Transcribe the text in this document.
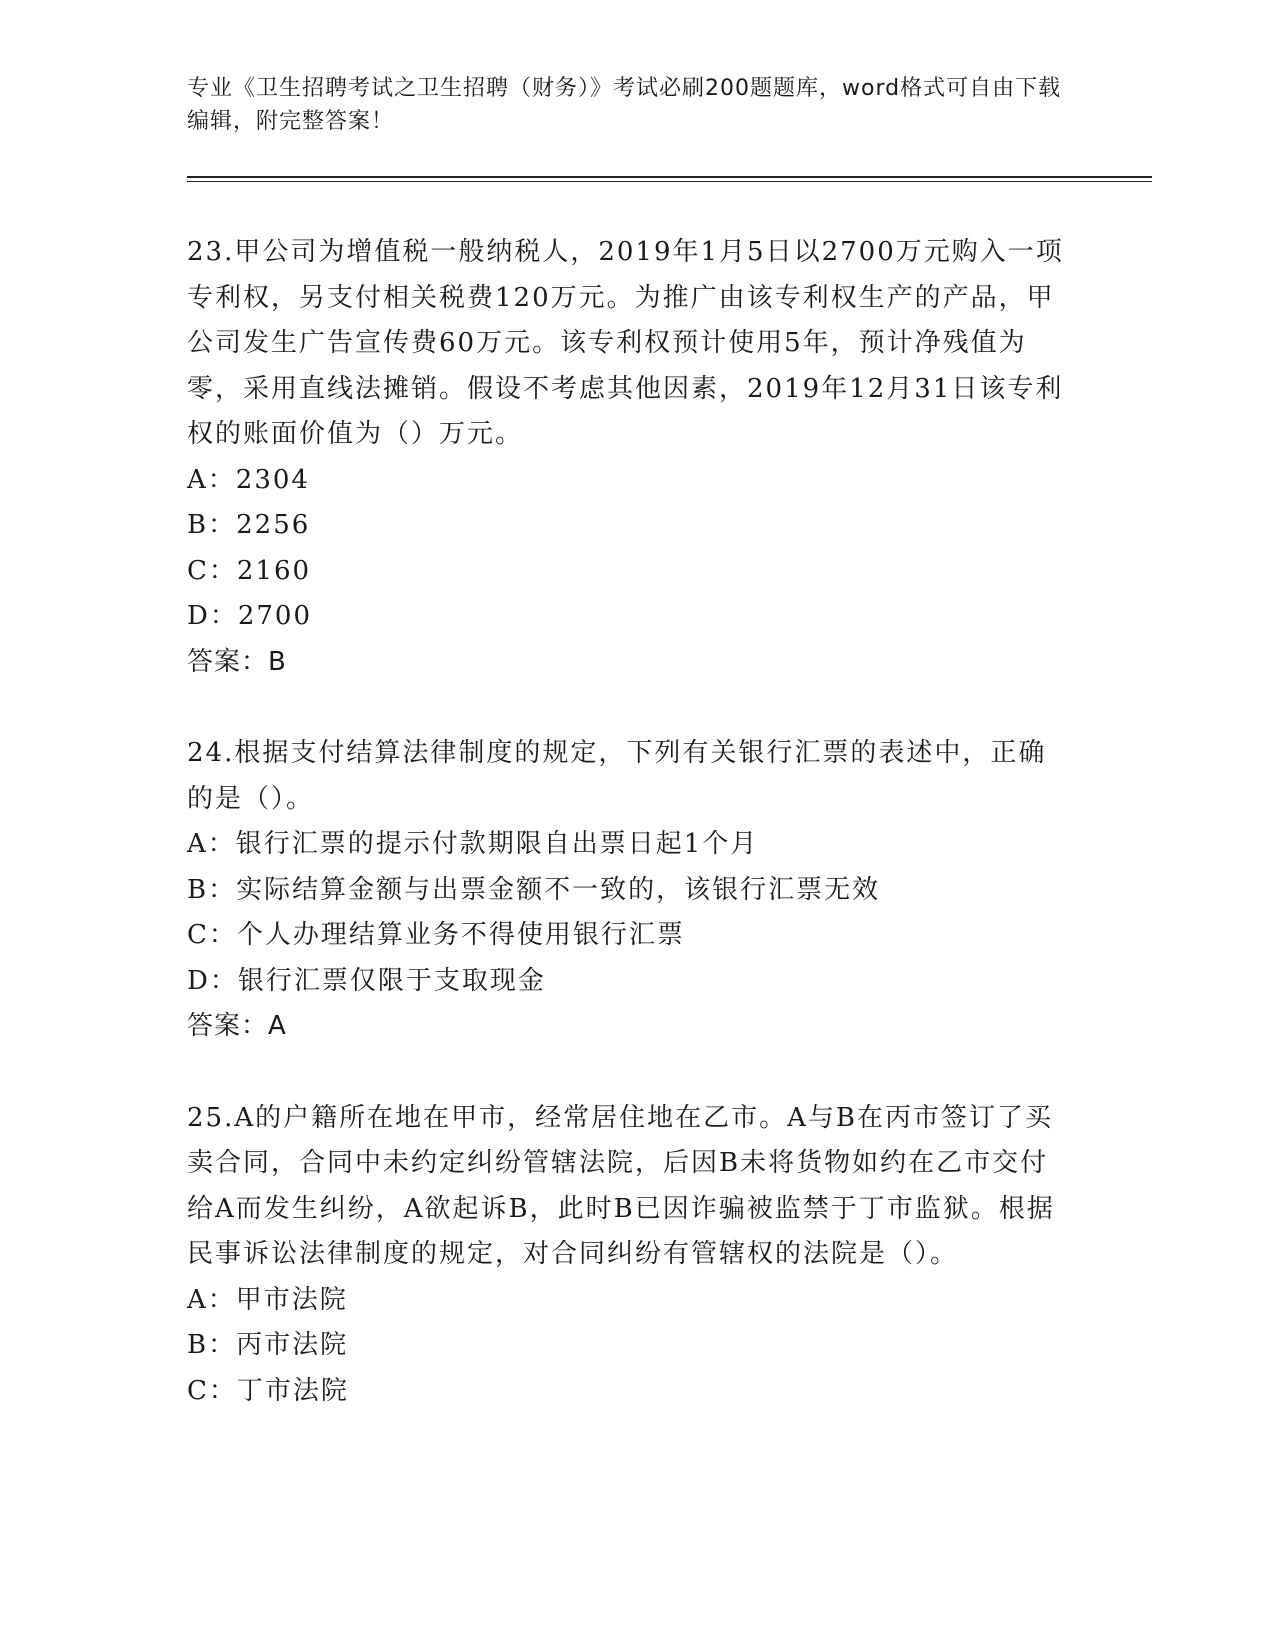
专业《卫生招聘考试之卫生招聘（财务）》考试必刷200题题库，word格式可自由下载编辑，附完整答案！

23.甲公司为增值税一般纳税人，2019年1月5日以2700万元购入一项专利权，另支付相关税费120万元。为推广由该专利权生产的产品，甲公司发生广告宣传费60万元。该专利权预计使用5年，预计净残值为零，采用直线法摊销。假设不考虑其他因素，2019年12月31日该专利权的账面价值为（）万元。

A：2304

B：2256

C：2160

D：2700

答案：B

24.根据支付结算法律制度的规定，下列有关银行汇票的表述中，正确的是（）。

A：银行汇票的提示付款期限自出票日起1个月

B：实际结算金额与出票金额不一致的，该银行汇票无效

C：个人办理结算业务不得使用银行汇票

D：银行汇票仅限于支取现金

答案：A

25.A的户籍所在地在甲市，经常居住地在乙市。A与B在丙市签订了买卖合同，合同中未约定纠纷管辖法院，后因B未将货物如约在乙市交付给A而发生纠纷，A欲起诉B，此时B已因诈骗被监禁于丁市监狱。根据民事诉讼法律制度的规定，对合同纠纷有管辖权的法院是（）。

A：甲市法院

B：丙市法院

C：丁市法院
